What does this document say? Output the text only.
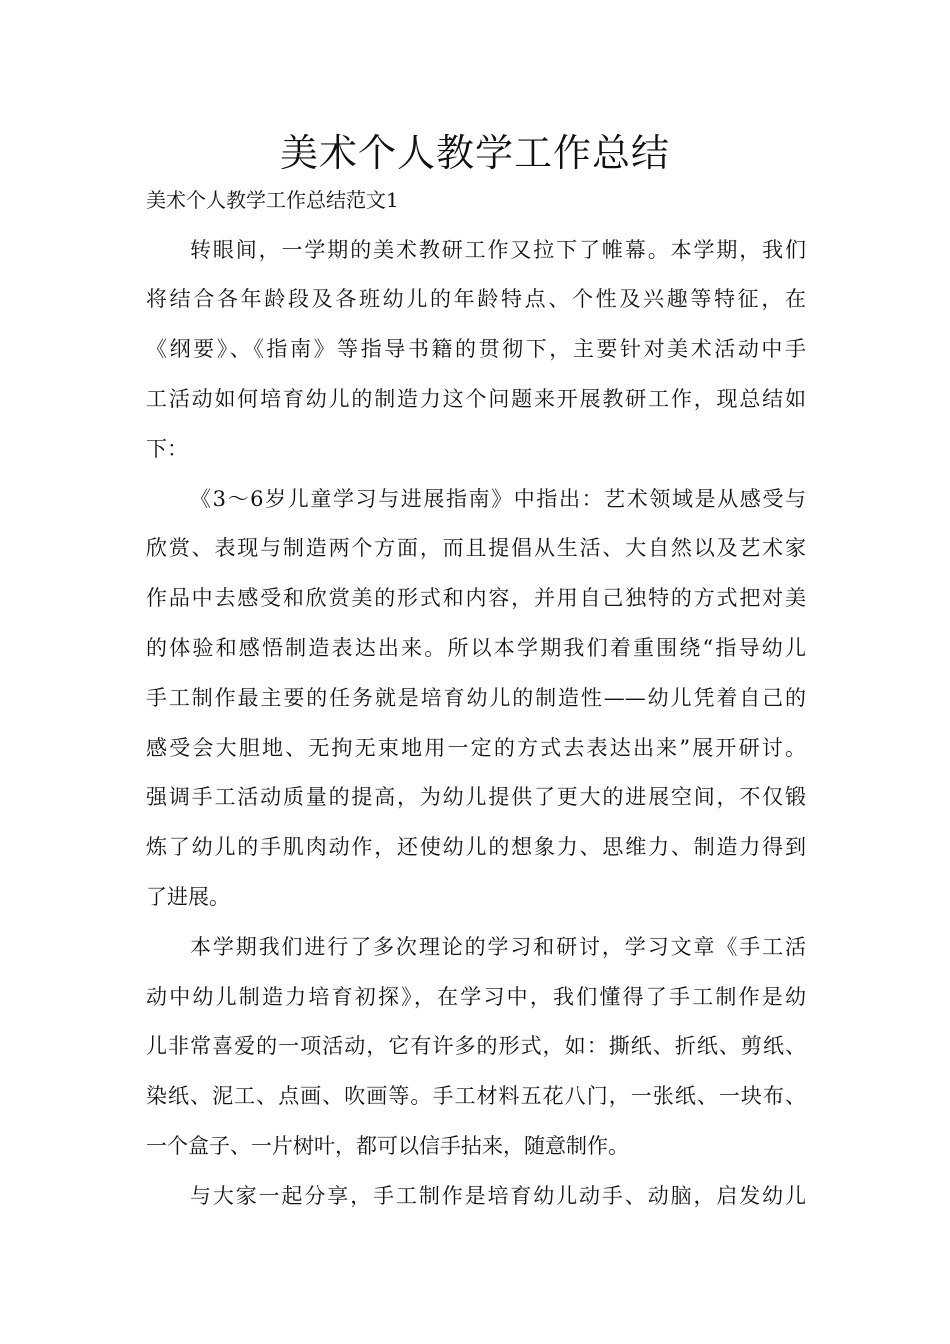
美术个人教学工作总结

美术个人教学工作总结范文1

转眼间，一学期的美术教研工作又拉下了帷幕。本学期，我们

将结合各年龄段及各班幼儿的年龄特点、个性及兴趣等特征，在

《纲要》、《指南》等指导书籍的贯彻下，主要针对美术活动中手

工活动如何培育幼儿的制造力这个问题来开展教研工作，现总结如

下：

《3～6岁儿童学习与进展指南》中指出：艺术领域是从感受与

欣赏、表现与制造两个方面，而且提倡从生活、大自然以及艺术家

作品中去感受和欣赏美的形式和内容，并用自己独特的方式把对美

的体验和感悟制造表达出来。所以本学期我们着重围绕“指导幼儿

手工制作最主要的任务就是培育幼儿的制造性——幼儿凭着自己的

感受会大胆地、无拘无束地用一定的方式去表达出来”展开研讨。

强调手工活动质量的提高，为幼儿提供了更大的进展空间，不仅锻

炼了幼儿的手肌肉动作，还使幼儿的想象力、思维力、制造力得到

了进展。

本学期我们进行了多次理论的学习和研讨，学习文章《手工活

动中幼儿制造力培育初探》，在学习中，我们懂得了手工制作是幼

儿非常喜爱的一项活动，它有许多的形式，如：撕纸、折纸、剪纸、

染纸、泥工、点画、吹画等。手工材料五花八门，一张纸、一块布、

一个盒子、一片树叶，都可以信手拈来，随意制作。

与大家一起分享，手工制作是培育幼儿动手、动脑，启发幼儿
